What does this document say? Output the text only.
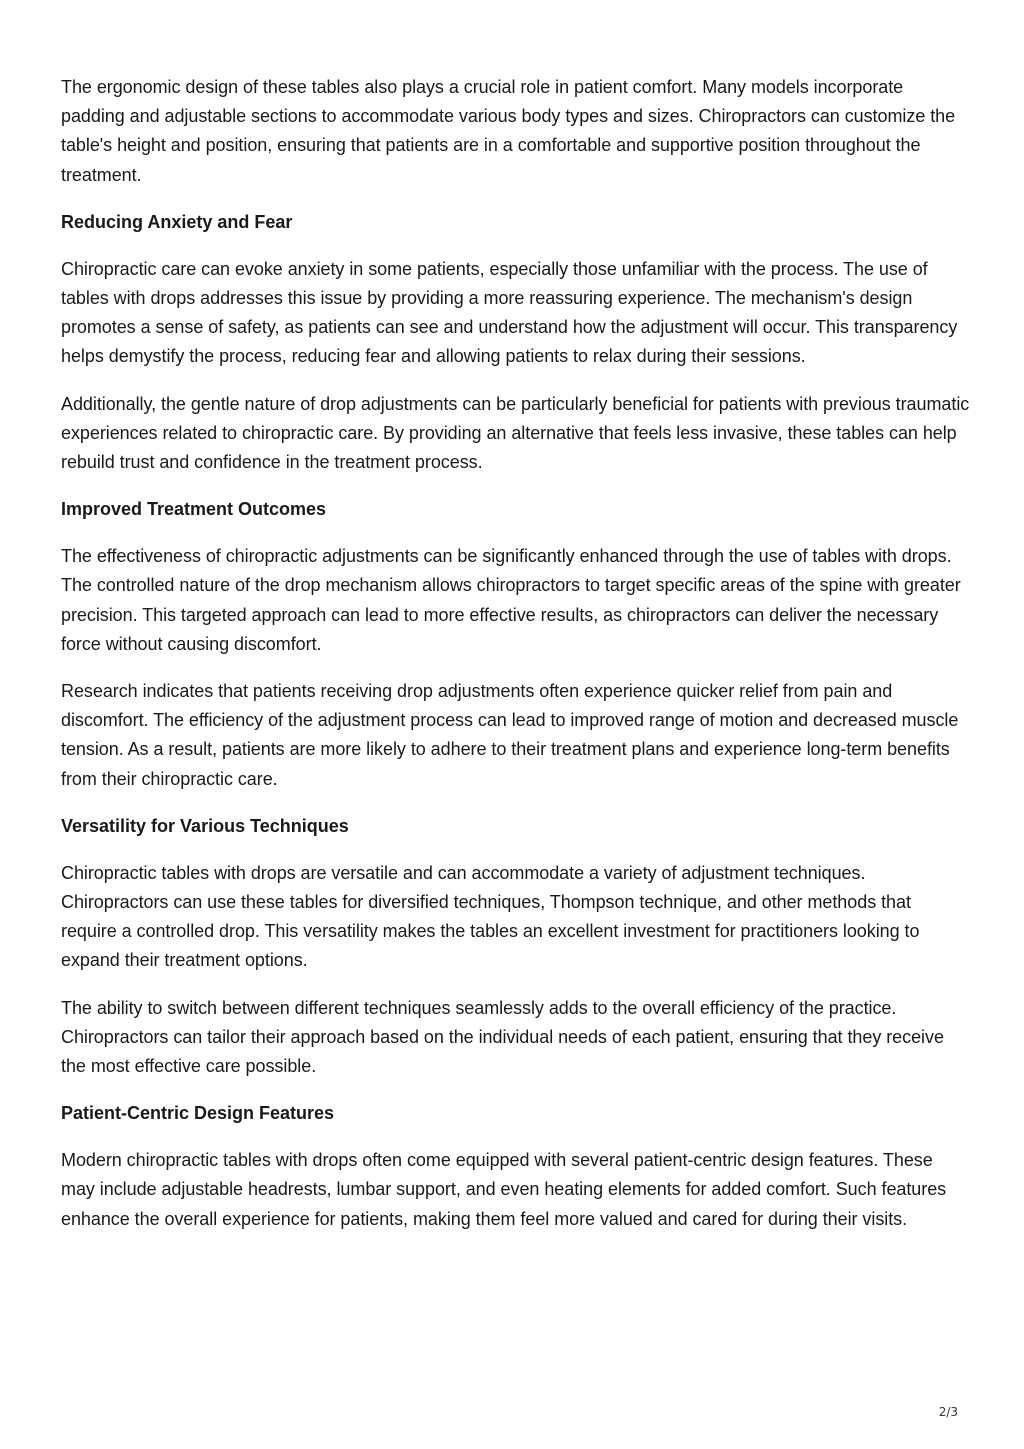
The ergonomic design of these tables also plays a crucial role in patient comfort. Many models incorporate padding and adjustable sections to accommodate various body types and sizes. Chiropractors can customize the table's height and position, ensuring that patients are in a comfortable and supportive position throughout the treatment.

Reducing Anxiety and Fear

Chiropractic care can evoke anxiety in some patients, especially those unfamiliar with the process. The use of tables with drops addresses this issue by providing a more reassuring experience. The mechanism's design promotes a sense of safety, as patients can see and understand how the adjustment will occur. This transparency helps demystify the process, reducing fear and allowing patients to relax during their sessions.

Additionally, the gentle nature of drop adjustments can be particularly beneficial for patients with previous traumatic experiences related to chiropractic care. By providing an alternative that feels less invasive, these tables can help rebuild trust and confidence in the treatment process.

Improved Treatment Outcomes

The effectiveness of chiropractic adjustments can be significantly enhanced through the use of tables with drops. The controlled nature of the drop mechanism allows chiropractors to target specific areas of the spine with greater precision. This targeted approach can lead to more effective results, as chiropractors can deliver the necessary force without causing discomfort.

Research indicates that patients receiving drop adjustments often experience quicker relief from pain and discomfort. The efficiency of the adjustment process can lead to improved range of motion and decreased muscle tension. As a result, patients are more likely to adhere to their treatment plans and experience long-term benefits from their chiropractic care.

Versatility for Various Techniques

Chiropractic tables with drops are versatile and can accommodate a variety of adjustment techniques. Chiropractors can use these tables for diversified techniques, Thompson technique, and other methods that require a controlled drop. This versatility makes the tables an excellent investment for practitioners looking to expand their treatment options.

The ability to switch between different techniques seamlessly adds to the overall efficiency of the practice. Chiropractors can tailor their approach based on the individual needs of each patient, ensuring that they receive the most effective care possible.

Patient-Centric Design Features

Modern chiropractic tables with drops often come equipped with several patient-centric design features. These may include adjustable headrests, lumbar support, and even heating elements for added comfort. Such features enhance the overall experience for patients, making them feel more valued and cared for during their visits.

2/3
